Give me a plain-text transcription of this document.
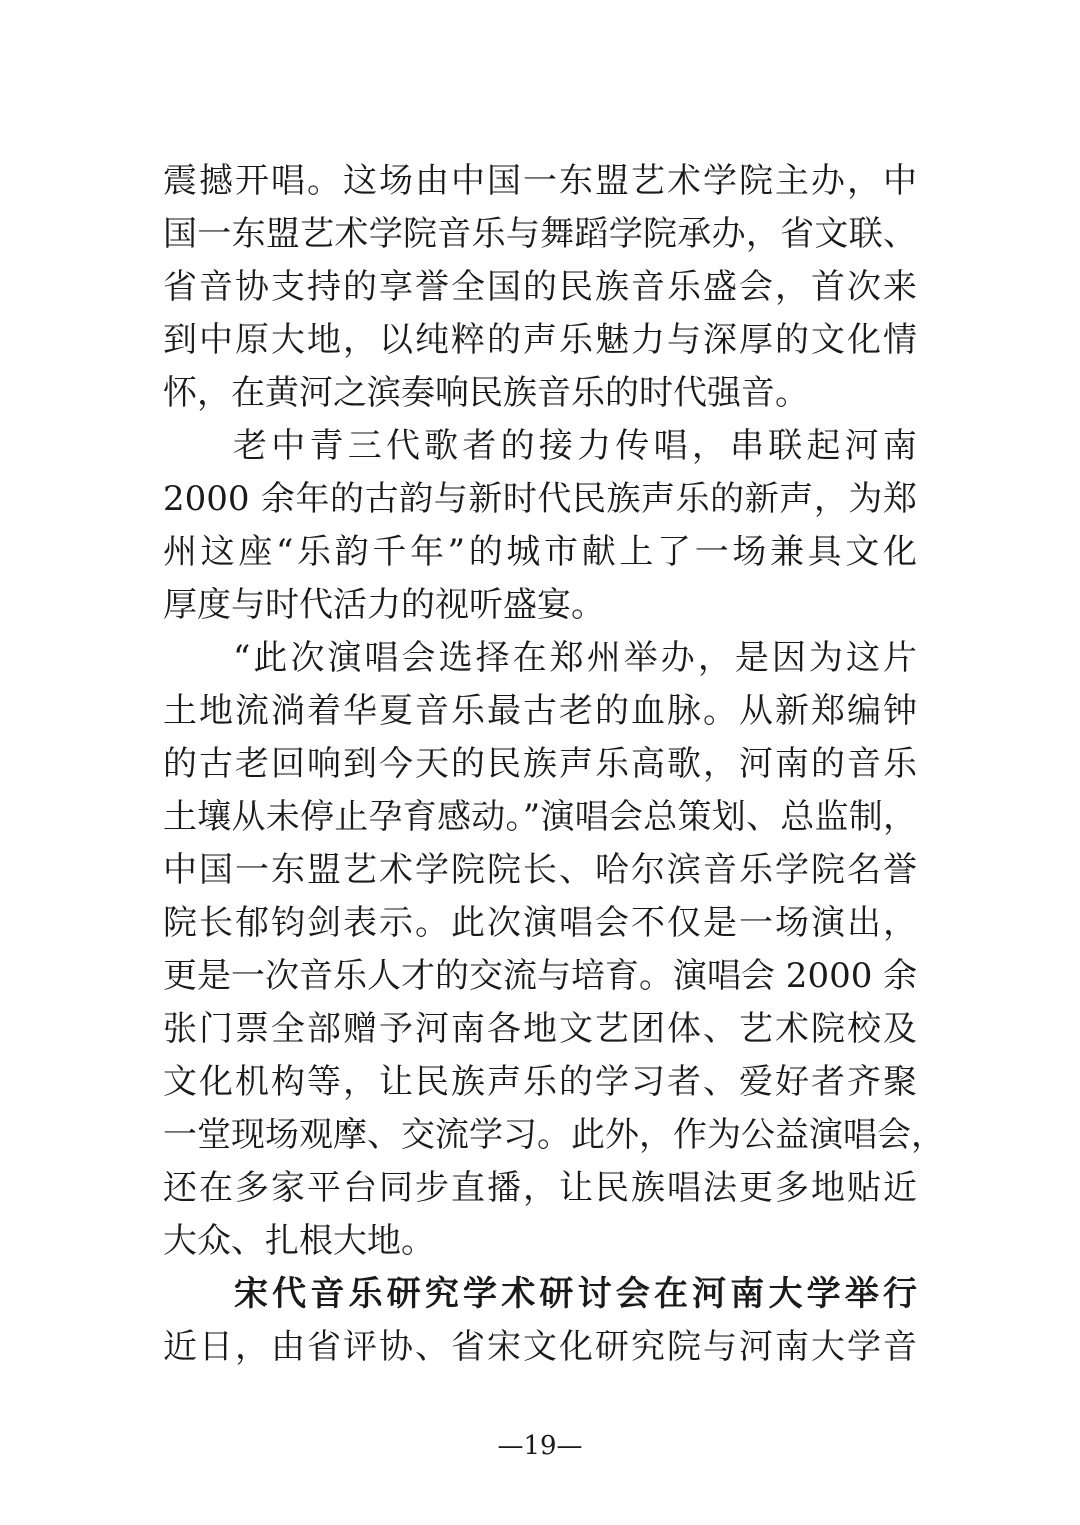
震撼开唱。这场由中国一东盟艺术学院主办，中
国一东盟艺术学院音乐与舞蹈学院承办，省文联、
省音协支持的享誉全国的民族音乐盛会，首次来
到中原大地，以纯粹的声乐魅力与深厚的文化情
怀，在黄河之滨奏响民族音乐的时代强音。
老中青三代歌者的接力传唱，串联起河南
2000 余年的古韵与新时代民族声乐的新声，为郑
州这座“乐韵千年”的城市献上了一场兼具文化
厚度与时代活力的视听盛宴。
“此次演唱会选择在郑州举办，是因为这片
土地流淌着华夏音乐最古老的血脉。从新郑编钟
的古老回响到今天的民族声乐高歌，河南的音乐
土壤从未停止孕育感动。”演唱会总策划、总监制，
中国一东盟艺术学院院长、哈尔滨音乐学院名誉
院长郁钧剑表示。此次演唱会不仅是一场演出，
更是一次音乐人才的交流与培育。演唱会 2000 余
张门票全部赠予河南各地文艺团体、艺术院校及
文化机构等，让民族声乐的学习者、爱好者齐聚
一堂现场观摩、交流学习。此外，作为公益演唱会，
还在多家平台同步直播，让民族唱法更多地贴近
大众、扎根大地。
宋代音乐研究学术研讨会在河南大学举行
近日，由省评协、省宋文化研究院与河南大学音
—19—
